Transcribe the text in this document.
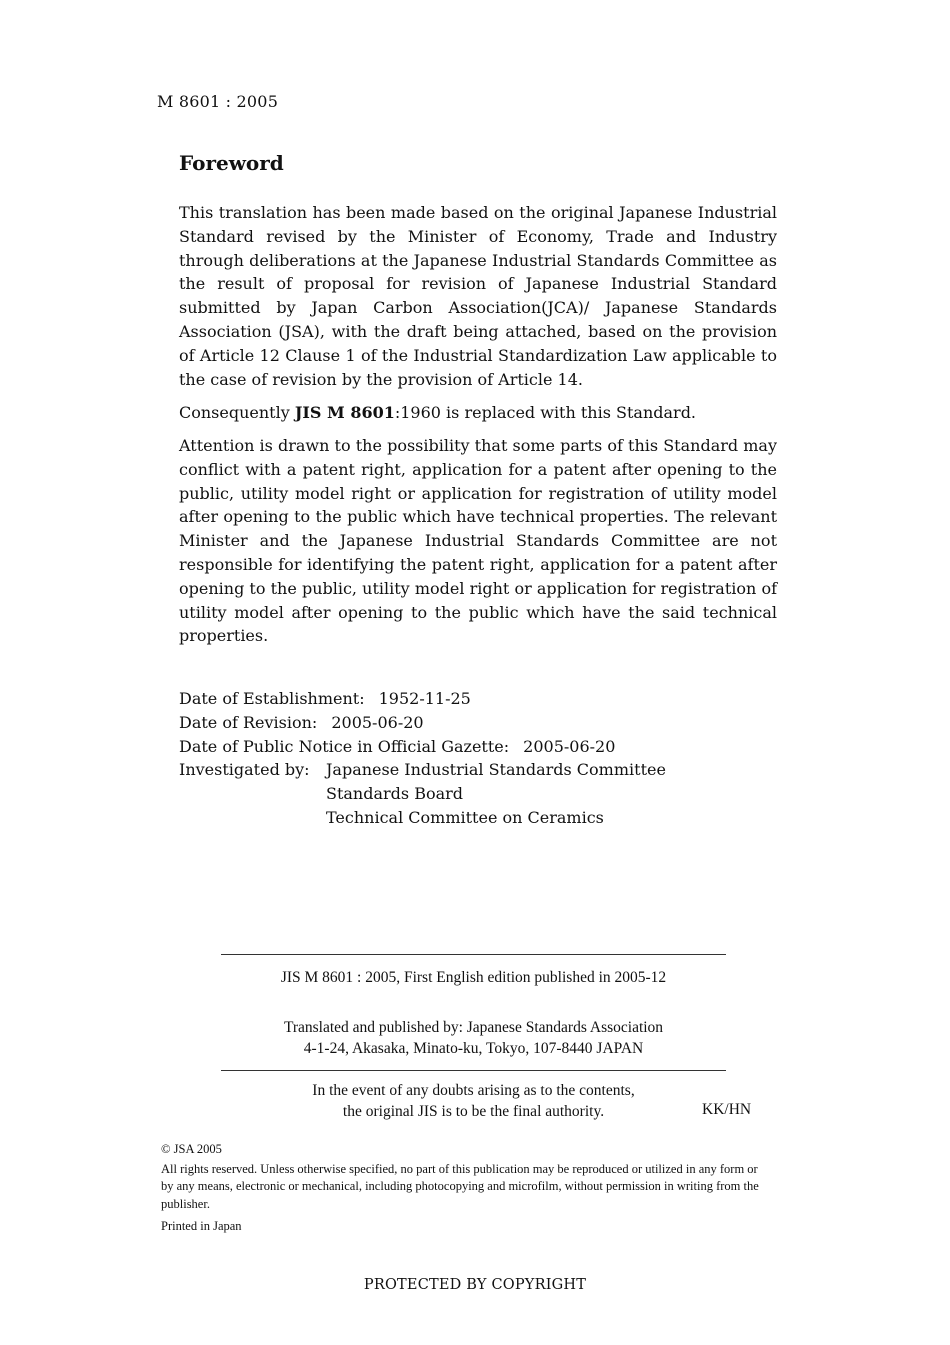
M 8601 : 2005
Foreword
This translation has been made based on the original Japanese Industrial Standard revised by the Minister of Economy, Trade and Industry through deliberations at the Japanese Industrial Standards Committee as the result of proposal for revision of Japanese Industrial Standard submitted by Japan Carbon Association(JCA)/ Japanese Standards Association (JSA), with the draft being attached, based on the provision of Article 12 Clause 1 of the Industrial Standardization Law applicable to the case of revision by the provision of Article 14.
Consequently JIS M 8601:1960 is replaced with this Standard.
Attention is drawn to the possibility that some parts of this Standard may conflict with a patent right, application for a patent after opening to the public, utility model right or application for registration of utility model after opening to the public which have technical properties. The relevant Minister and the Japanese Industrial Standards Committee are not responsible for identifying the patent right, application for a patent after opening to the public, utility model right or application for registration of utility model after opening to the public which have the said technical properties.
Date of Establishment: 1952-11-25
Date of Revision: 2005-06-20
Date of Public Notice in Official Gazette: 2005-06-20
Investigated by:	Japanese Industrial Standards Committee
Standards Board
Technical Committee on Ceramics
JIS M 8601 : 2005, First English edition published in 2005-12
Translated and published by: Japanese Standards Association
4-1-24, Akasaka, Minato-ku, Tokyo, 107-8440 JAPAN
In the event of any doubts arising as to the contents,
the original JIS is to be the final authority.	KK/HN
© JSA 2005
All rights reserved. Unless otherwise specified, no part of this publication may be reproduced or utilized in any form or by any means, electronic or mechanical, including photocopying and microfilm, without permission in writing from the publisher.
Printed in Japan
PROTECTED BY COPYRIGHT
